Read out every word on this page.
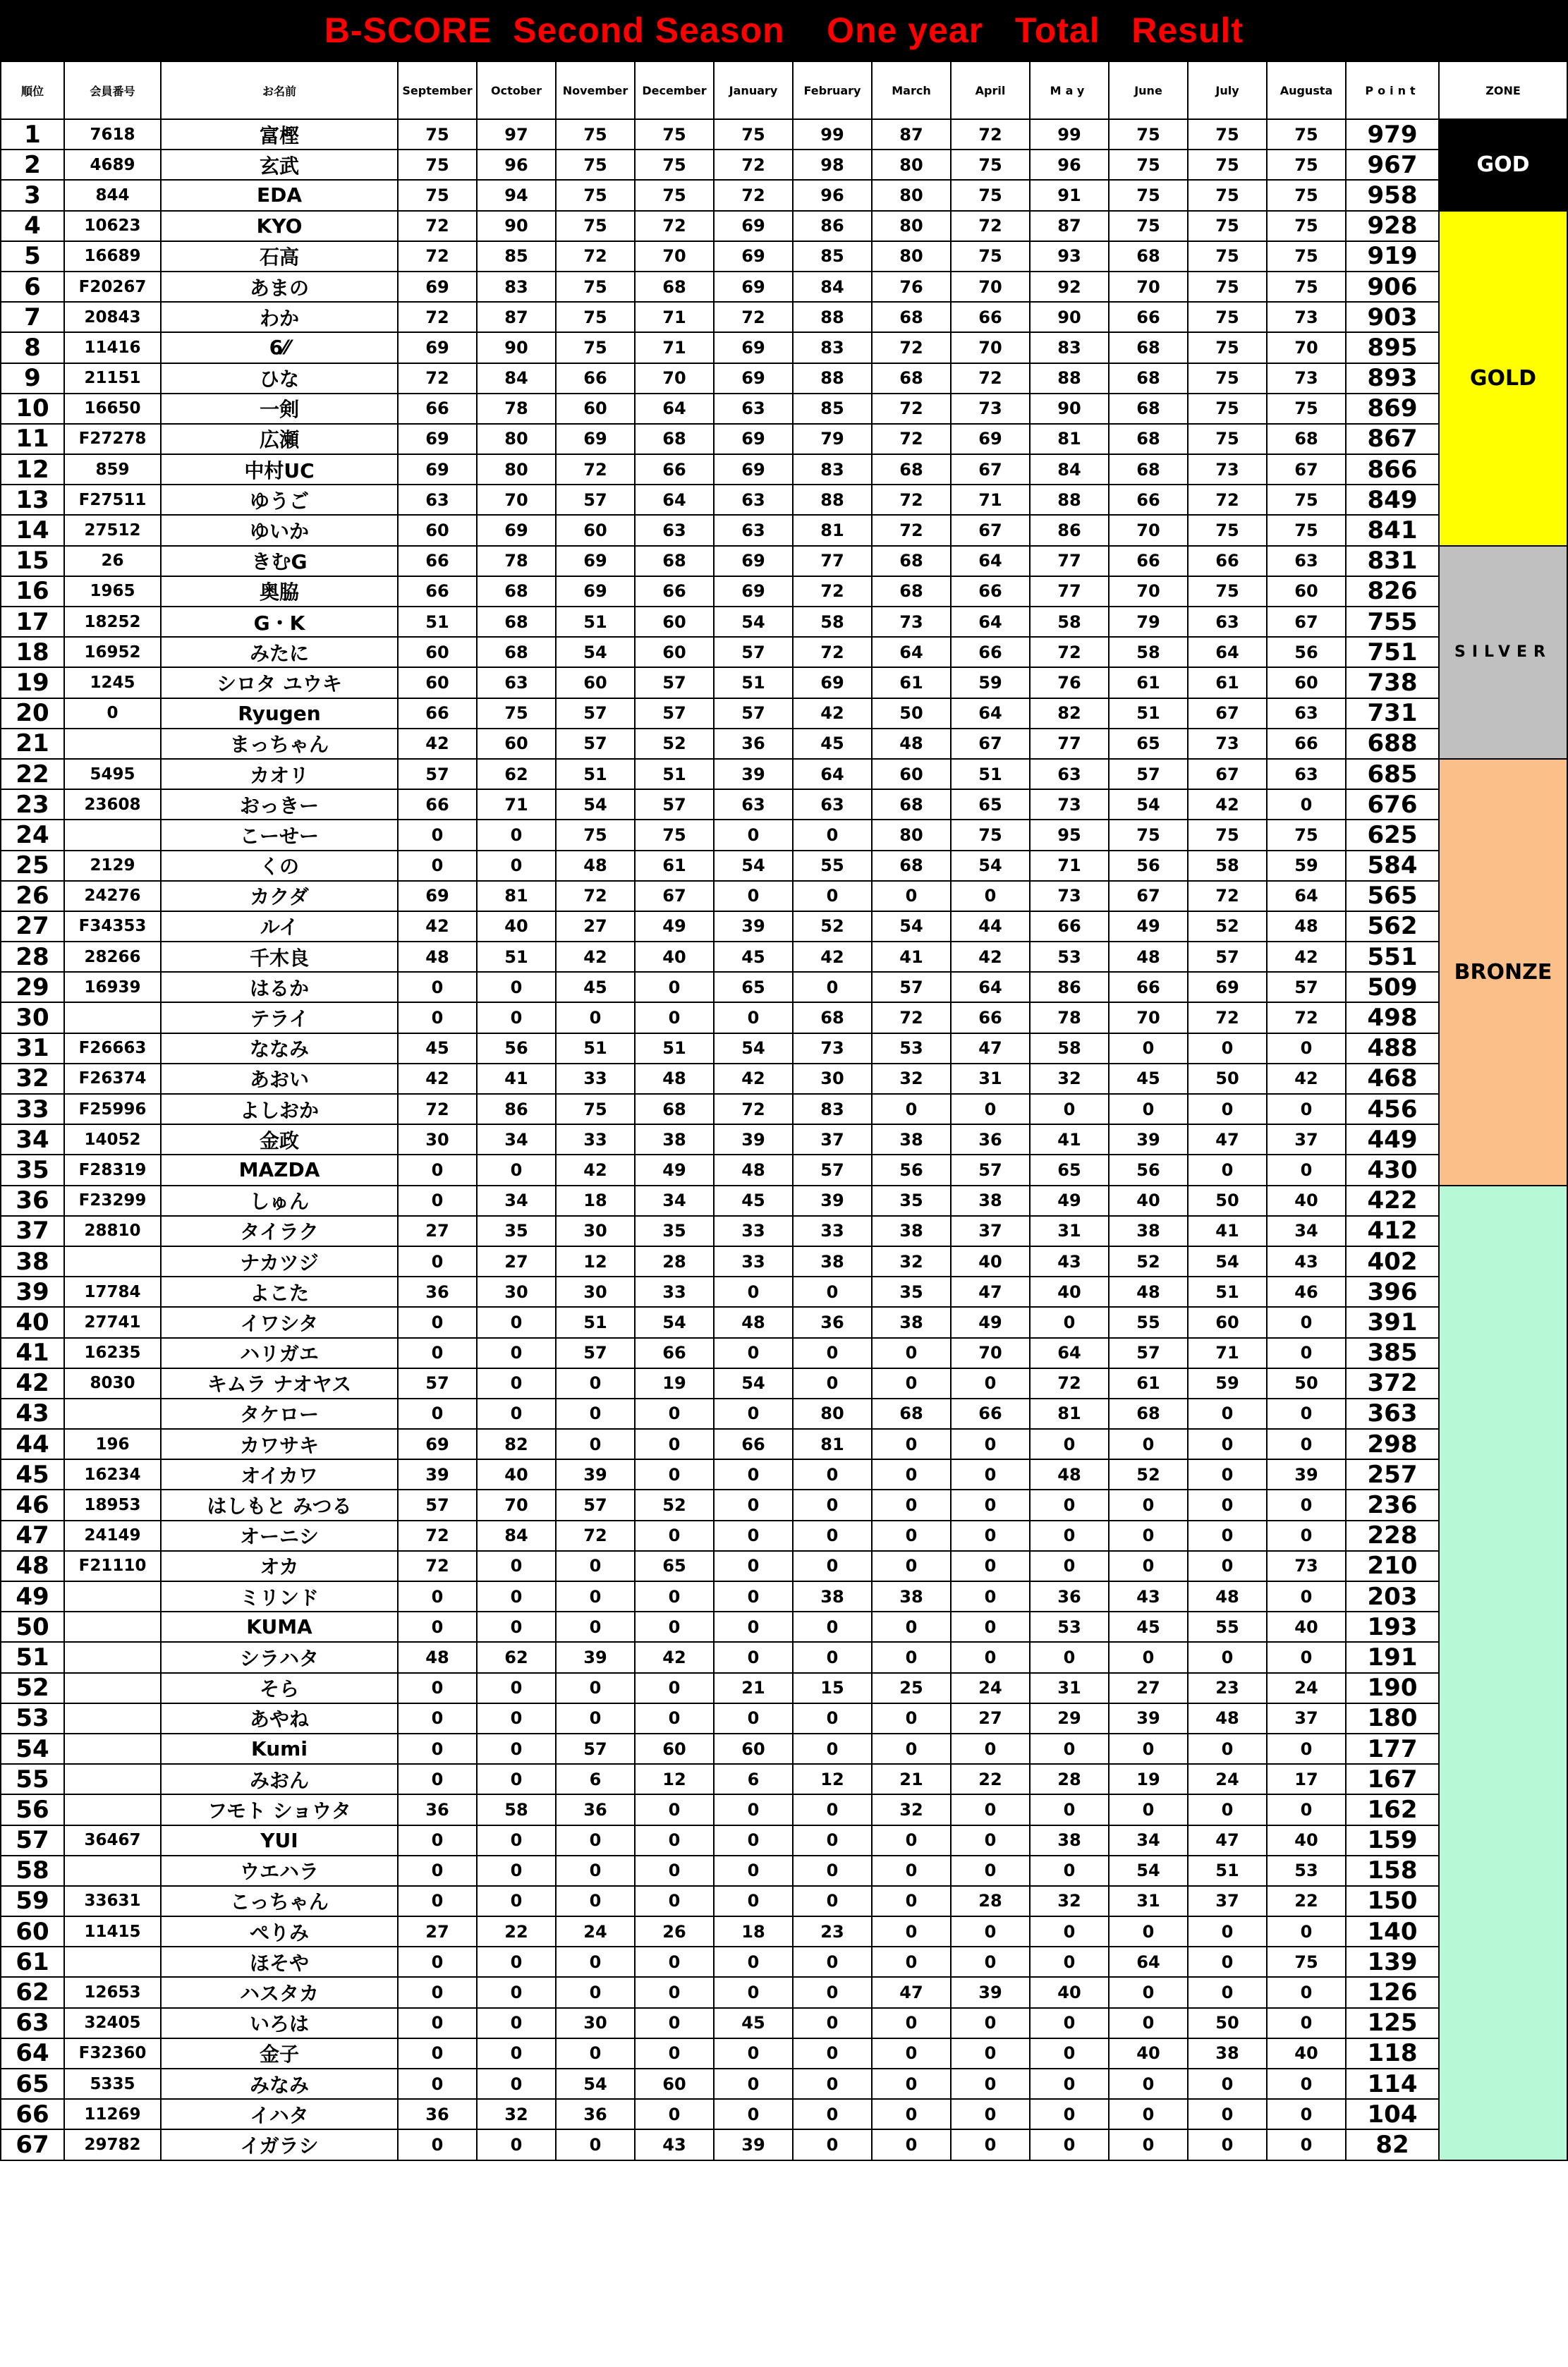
B-SCORE  Second Season    One year   Total   Result
順位	会員番号	お名前	September	October	November	December	January	February	March	April	May	June	July	Augusta	Point	ZONE
1	7618	富樫	75	97	75	75	75	99	87	72	99	75	75	75	979	GOD
2	4689	玄武	75	96	75	75	72	98	80	75	96	75	75	75	967	
3	844	EDA	75	94	75	75	72	96	80	75	91	75	75	75	958	
4	10623	KYO	72	90	75	72	69	86	80	72	87	75	75	75	928	GOLD
5	16689	石高	72	85	72	70	69	85	80	75	93	68	75	75	919	
6	F20267	あまの	69	83	75	68	69	84	76	70	92	70	75	75	906	
7	20843	わか	72	87	75	71	72	88	68	66	90	66	75	73	903	
8	11416	6⁄⁄	69	90	75	71	69	83	72	70	83	68	75	70	895	
9	21151	ひな	72	84	66	70	69	88	68	72	88	68	75	73	893	
10	16650	一剣	66	78	60	64	63	85	72	73	90	68	75	75	869	
11	F27278	広瀬	69	80	69	68	69	79	72	69	81	68	75	68	867	
12	859	中村UC	69	80	72	66	69	83	68	67	84	68	73	67	866	
13	F27511	ゆうご	63	70	57	64	63	88	72	71	88	66	72	75	849	
14	27512	ゆいか	60	69	60	63	63	81	72	67	86	70	75	75	841	
15	26	きむG	66	78	69	68	69	77	68	64	77	66	66	63	831	SILVER
16	1965	奥脇	66	68	69	66	69	72	68	66	77	70	75	60	826	
17	18252	G・K	51	68	51	60	54	58	73	64	58	79	63	67	755	
18	16952	みたに	60	68	54	60	57	72	64	66	72	58	64	56	751	
19	1245	シロタ ユウキ	60	63	60	57	51	69	61	59	76	61	61	60	738	
20	0	Ryugen	66	75	57	57	57	42	50	64	82	51	67	63	731	
21		まっちゃん	42	60	57	52	36	45	48	67	77	65	73	66	688	
22	5495	カオリ	57	62	51	51	39	64	60	51	63	57	67	63	685	BRONZE
23	23608	おっきー	66	71	54	57	63	63	68	65	73	54	42	0	676	
24		こーせー	0	0	75	75	0	0	80	75	95	75	75	75	625	
25	2129	くの	0	0	48	61	54	55	68	54	71	56	58	59	584	
26	24276	カクダ	69	81	72	67	0	0	0	0	73	67	72	64	565	
27	F34353	ルイ	42	40	27	49	39	52	54	44	66	49	52	48	562	
28	28266	千木良	48	51	42	40	45	42	41	42	53	48	57	42	551	
29	16939	はるか	0	0	45	0	65	0	57	64	86	66	69	57	509	
30		テライ	0	0	0	0	0	68	72	66	78	70	72	72	498	
31	F26663	ななみ	45	56	51	51	54	73	53	47	58	0	0	0	488	
32	F26374	あおい	42	41	33	48	42	30	32	31	32	45	50	42	468	
33	F25996	よしおか	72	86	75	68	72	83	0	0	0	0	0	0	456	
34	14052	金政	30	34	33	38	39	37	38	36	41	39	47	37	449	
35	F28319	MAZDA	0	0	42	49	48	57	56	57	65	56	0	0	430	
36	F23299	しゅん	0	34	18	34	45	39	35	38	49	40	50	40	422	
37	28810	タイラク	27	35	30	35	33	33	38	37	31	38	41	34	412	
38		ナカツジ	0	27	12	28	33	38	32	40	43	52	54	43	402	
39	17784	よこた	36	30	30	33	0	0	35	47	40	48	51	46	396	
40	27741	イワシタ	0	0	51	54	48	36	38	49	0	55	60	0	391	
41	16235	ハリガエ	0	0	57	66	0	0	0	70	64	57	71	0	385	
42	8030	キムラ ナオヤス	57	0	0	19	54	0	0	0	72	61	59	50	372	
43		タケロー	0	0	0	0	0	80	68	66	81	68	0	0	363	
44	196	カワサキ	69	82	0	0	66	81	0	0	0	0	0	0	298	
45	16234	オイカワ	39	40	39	0	0	0	0	0	48	52	0	39	257	
46	18953	はしもと みつる	57	70	57	52	0	0	0	0	0	0	0	0	236	
47	24149	オーニシ	72	84	72	0	0	0	0	0	0	0	0	0	228	
48	F21110	オカ	72	0	0	65	0	0	0	0	0	0	0	73	210	
49		ミリンド	0	0	0	0	0	38	38	0	36	43	48	0	203	
50		KUMA	0	0	0	0	0	0	0	0	53	45	55	40	193	
51		シラハタ	48	62	39	42	0	0	0	0	0	0	0	0	191	
52		そら	0	0	0	0	21	15	25	24	31	27	23	24	190	
53		あやね	0	0	0	0	0	0	0	27	29	39	48	37	180	
54		Kumi	0	0	57	60	60	0	0	0	0	0	0	0	177	
55		みおん	0	0	6	12	6	12	21	22	28	19	24	17	167	
56		フモト ショウタ	36	58	36	0	0	0	32	0	0	0	0	0	162	
57	36467	YUI	0	0	0	0	0	0	0	0	38	34	47	40	159	
58		ウエハラ	0	0	0	0	0	0	0	0	0	54	51	53	158	
59	33631	こっちゃん	0	0	0	0	0	0	0	28	32	31	37	22	150	
60	11415	ぺりみ	27	22	24	26	18	23	0	0	0	0	0	0	140	
61		ほそや	0	0	0	0	0	0	0	0	0	64	0	75	139	
62	12653	ハスタカ	0	0	0	0	0	0	47	39	40	0	0	0	126	
63	32405	いろは	0	0	30	0	45	0	0	0	0	0	50	0	125	
64	F32360	金子	0	0	0	0	0	0	0	0	0	40	38	40	118	
65	5335	みなみ	0	0	54	60	0	0	0	0	0	0	0	0	114	
66	11269	イハタ	36	32	36	0	0	0	0	0	0	0	0	0	104	
67	29782	イガラシ	0	0	0	43	39	0	0	0	0	0	0	0	82	
